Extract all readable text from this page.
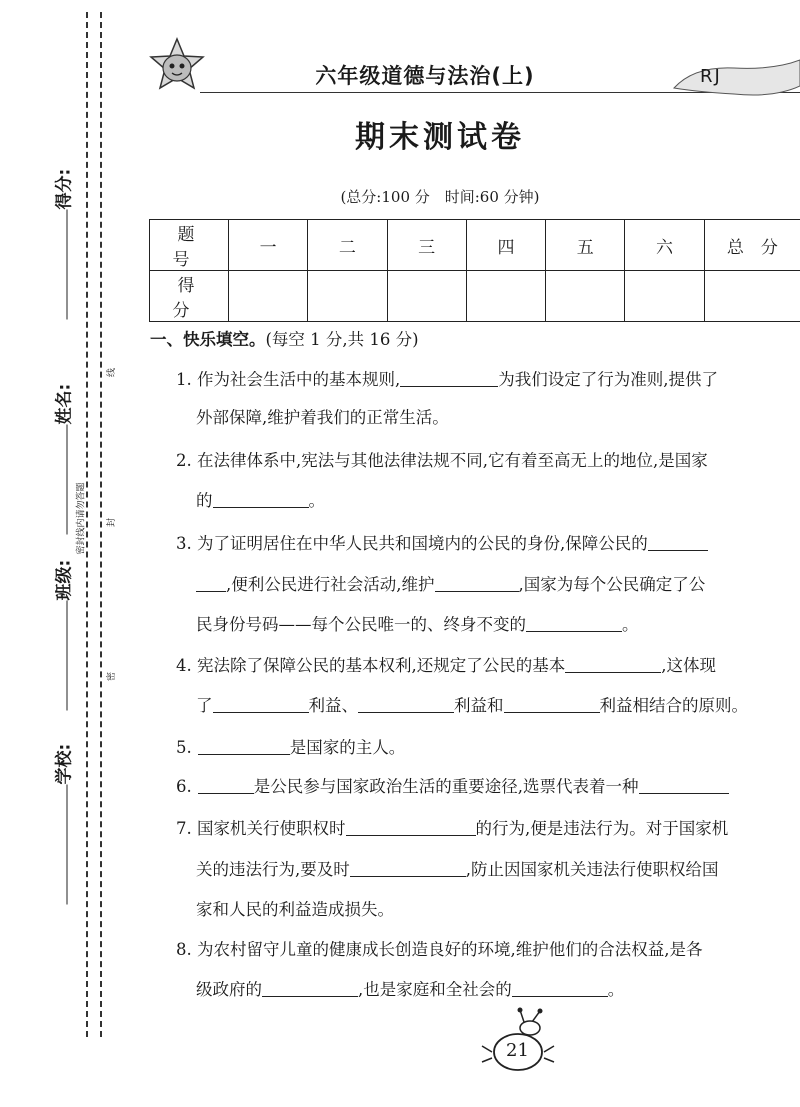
得分:
姓名:
班级:
学校:
密封线内请勿答题
线
封
密
六年级道德与法治(上)	RJ
期末测试卷
(总分:100 分　时间:60 分钟)
题　号	一	二	三	四	五	六	总　分
得　分							
一、快乐填空。(每空 1 分,共 16 分)
1. 作为社会生活中的基本规则,	为我们设定了行为准则,提供了
外部保障,维护着我们的正常生活。
2. 在法律体系中,宪法与其他法律法规不同,它有着至高无上的地位,是国家
的	。
3. 为了证明居住在中华人民共和国境内的公民的身份,保障公民的
,便利公民进行社会活动,维护	,国家为每个公民确定了公
民身份号码——每个公民唯一的、终身不变的	。
4. 宪法除了保障公民的基本权利,还规定了公民的基本	,这体现
了	利益、	利益和	利益相结合的原则。
5.	是国家的主人。
6.	是公民参与国家政治生活的重要途径,选票代表着一种
7. 国家机关行使职权时	的行为,便是违法行为。对于国家机
关的违法行为,要及时	,防止因国家机关违法行使职权给国
家和人民的利益造成损失。
8. 为农村留守儿童的健康成长创造良好的环境,维护他们的合法权益,是各
级政府的	,也是家庭和全社会的	。
21
